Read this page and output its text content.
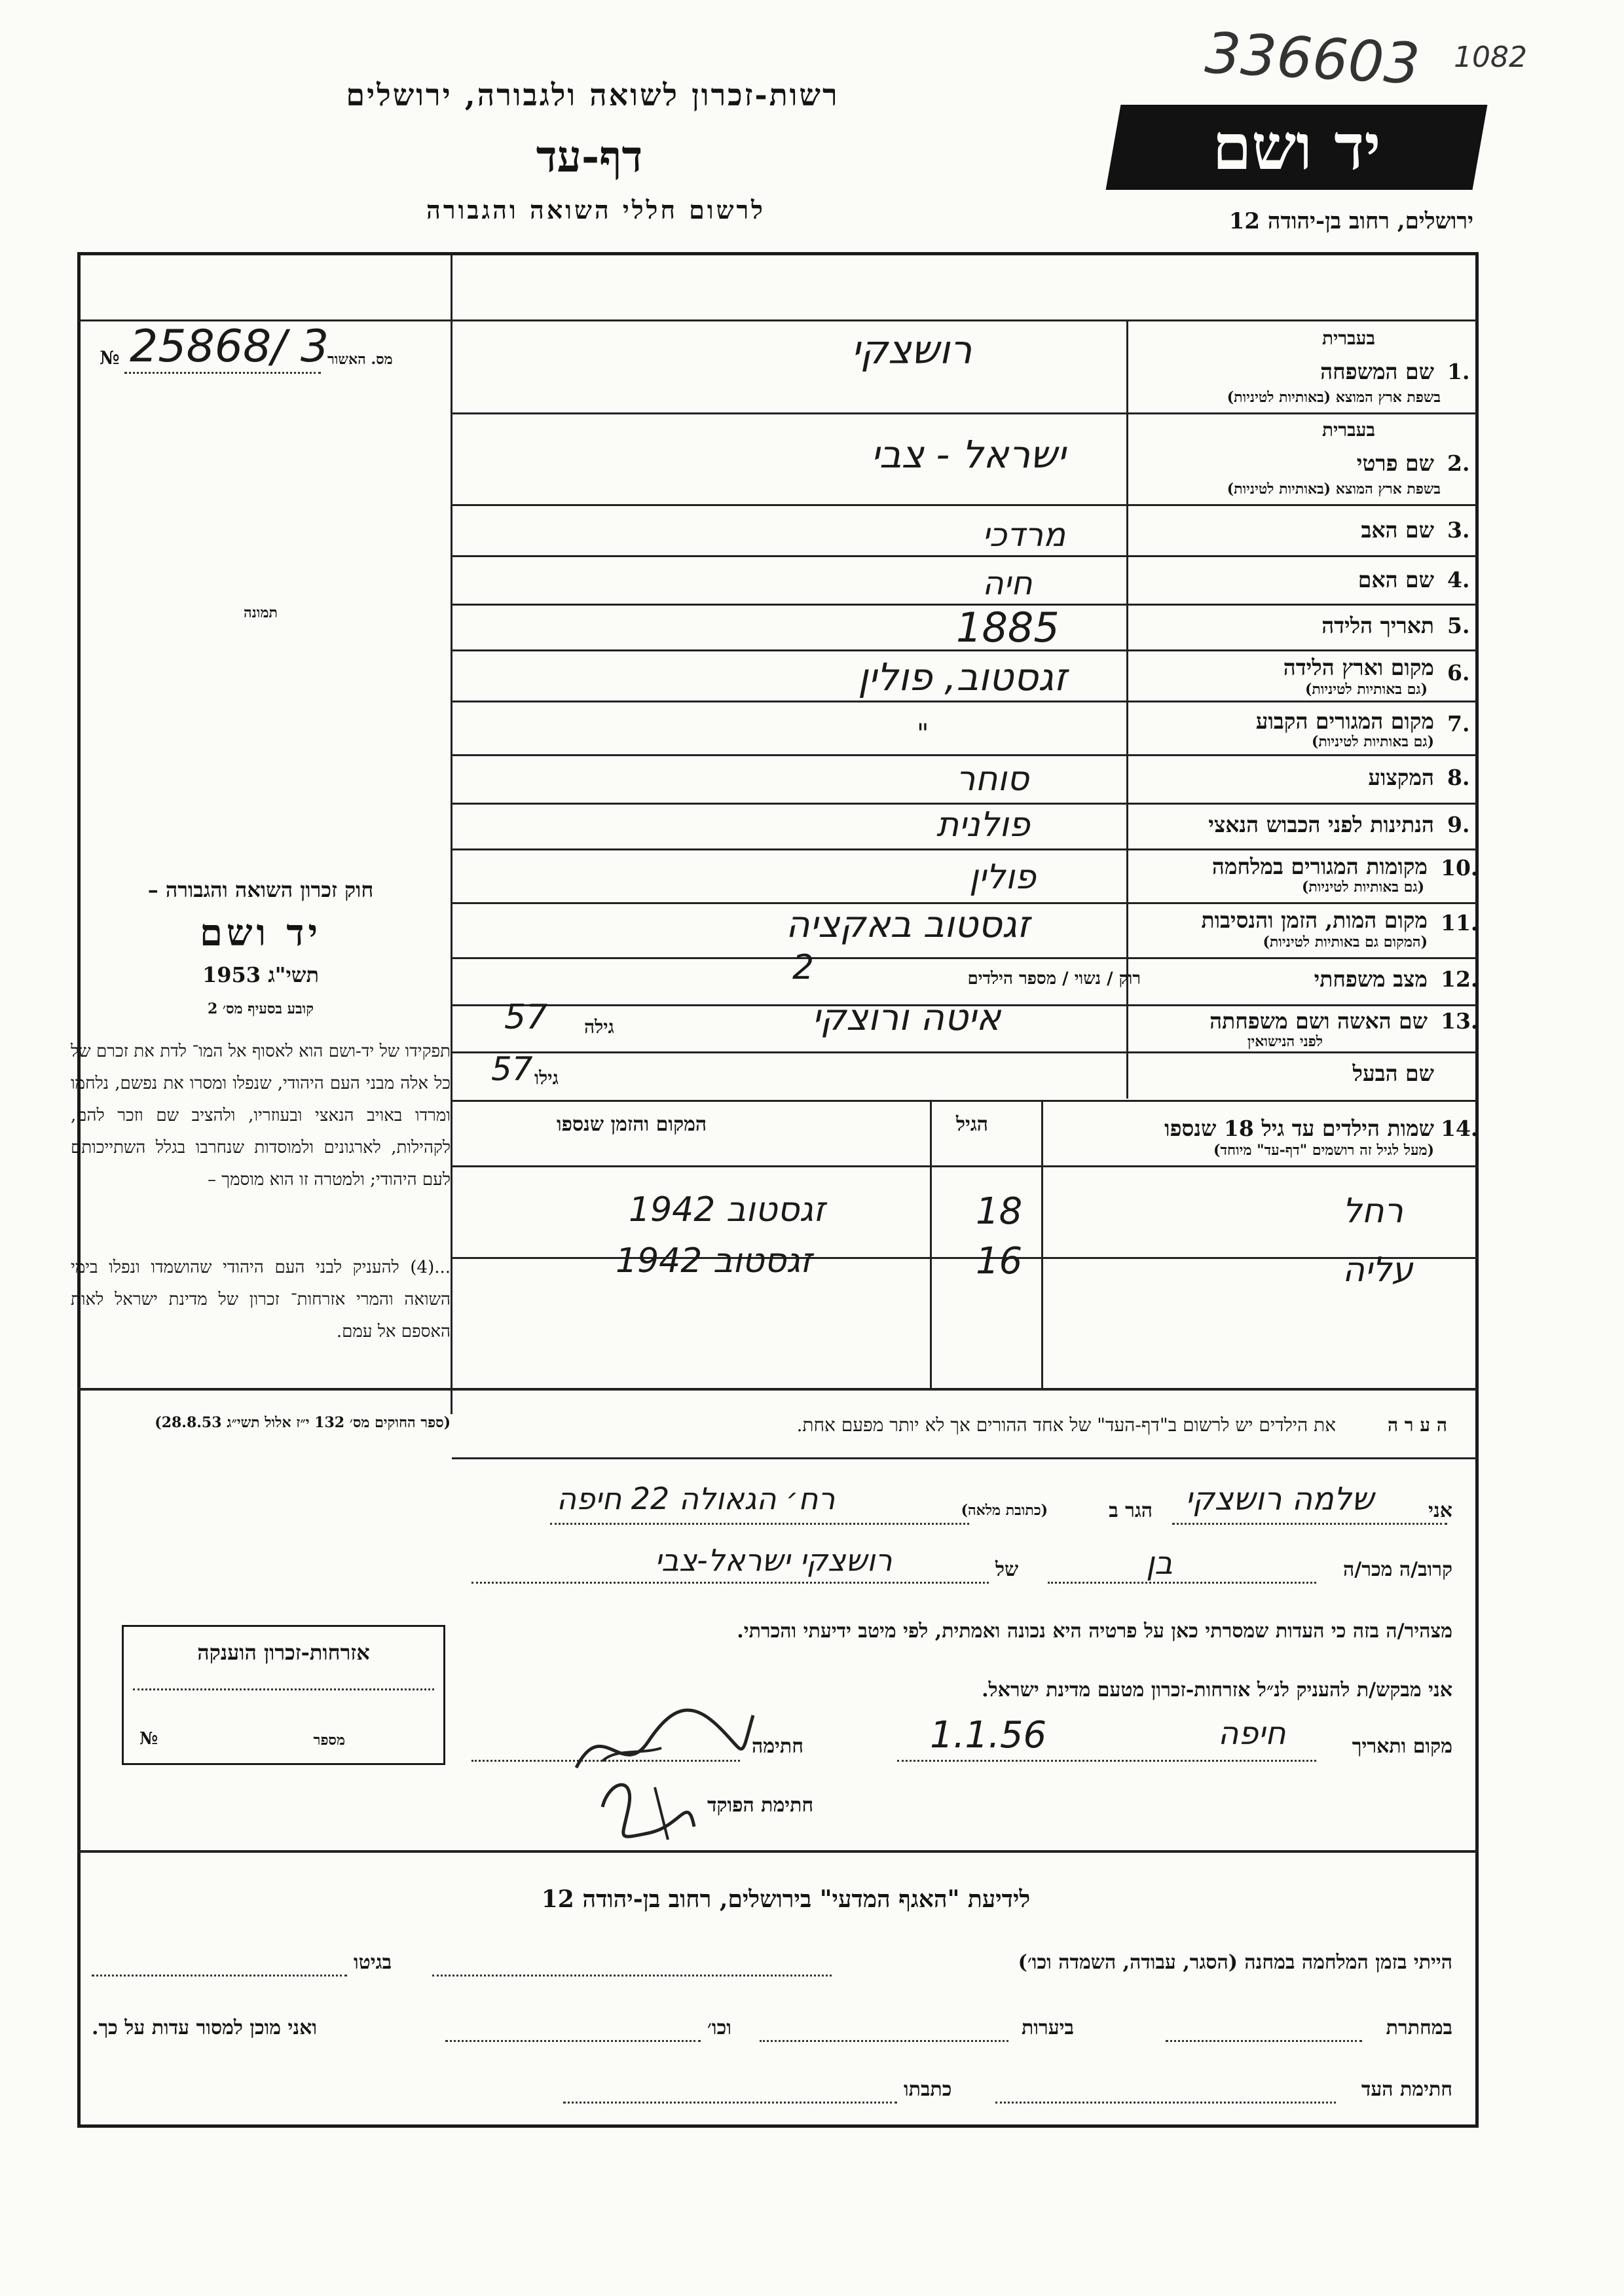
רשות-זכרון לשואה ולגבורה, ירושלים
דף-עד
לרשום חללי השואה והגבורה
יד ושם
ירושלים, רחוב בן-יהודה 12
336603 1082
מס. האשור
№ 25868/ 3
תמונה
חוק זכרון השואה והגבורה –
יד ושם
תשי"ג 1953
קובע בסעיף מס׳ 2
תפקידו של יד-ושם הוא לאסוף אל המו־ לדת את זכרם של כל אלה מבני העם היהודי, שנפלו ומסרו את נפשם, נלחמו ומרדו באויב הנאצי ובעוזריו, ולהציב שם וזכר להם, לקהילות, לארגונים ולמוסדות שנחרבו בגלל השתייכותם לעם היהודי; ולמטרה זו הוא מוסמך –
...(4) להעניק לבני העם היהודי שהושמדו ונפלו בימי השואה והמרי אזרחות־ זכרון של מדינת ישראל לאות האספם אל עמם.
(ספר החוקים מס׳ 132 י״ז אלול תשי״ג 28.8.53)
אזרחות-זכרון הוענקה
מספר
№
בעברית
שם המשפחה 1.
בשפת ארץ המוצא (באותיות לטיניות)
רושצקי
בעברית
שם פרטי 2.
בשפת ארץ המוצא (באותיות לטיניות)
ישראל - צבי
שם האב 3.
מרדכי
שם האם 4.
חיה
תאריך הלידה 5.
1885
מקום וארץ הלידה 6.
(גם באותיות לטיניות)
זגסטוב, פולין
מקום המגורים הקבוע 7.
(גם באותיות לטיניות)
"
המקצוע 8.
סוחר
הנתינות לפני הכבוש הנאצי 9.
פולנית
מקומות המגורים במלחמה 10.
(גם באותיות לטיניות)
פולין
מקום המות, הזמן והנסיבות 11.
(המקום גם באותיות לטיניות)
זגסטוב באקציה
מצב משפחתי 12.
רוק / נשוי / מספר הילדים
2
שם האשה ושם משפחתה 13.
לפני הנישואין
גילה
57	איטה ורוצקי
שם הבעל
גילו
57
שמות הילדים עד גיל 18 שנספו 14.
(מעל לגיל זה רושמים "דף-עד" מיוחד)
הגיל
המקום והזמן שנספו
רחל
18
זגסטוב 1942
עליה
16
זגסטוב 1942
ה ע ר ה
את הילדים יש לרשום ב"דף-העד" של אחד ההורים אך לא יותר מפעם אחת.
אני
שלמה רושצקי
הגר ב
(כתובת מלאה)
רח׳ הגאולה 22 חיפה
קרוב/ה מכר/ה
בן
של
רושצקי ישראל-צבי
מצהיר/ה בזה כי העדות שמסרתי כאן על פרטיה היא נכונה ואמתית, לפי מיטב ידיעתי והכרתי.
אני מבקש/ת להעניק לנ״ל אזרחות-זכרון מטעם מדינת ישראל.
מקום ותאריך
חיפה
1.1.56
חתימה
חתימת הפוקד
לידיעת "האגף המדעי" בירושלים, רחוב בן-יהודה 12
הייתי בזמן המלחמה במחנה (הסגר, עבודה, השמדה וכו׳)
בגיטו
במחתרת
ביערות
וכו׳
ואני מוכן למסור עדות על כך.
חתימת העד
כתבתו
